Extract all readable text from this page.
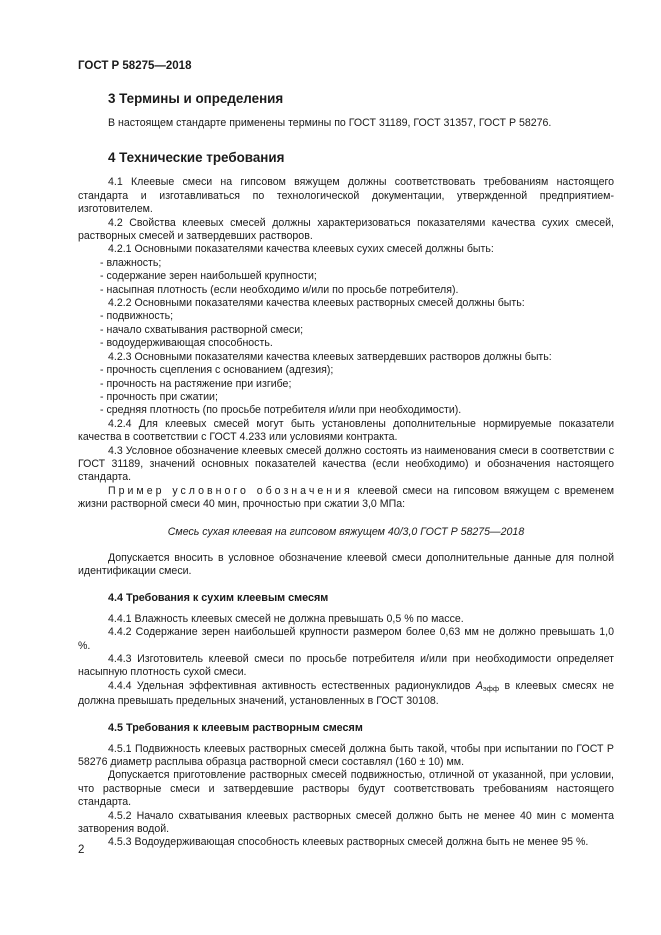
ГОСТ Р 58275—2018
3 Термины и определения

В настоящем стандарте применены термины по ГОСТ 31189, ГОСТ 31357, ГОСТ Р 58276.

4 Технические требования

4.1 Клеевые смеси на гипсовом вяжущем должны соответствовать требованиям настоящего стандарта и изготавливаться по технологической документации, утвержденной предприятием-изготовителем.

4.2 Свойства клеевых смесей должны характеризоваться показателями качества сухих смесей, растворных смесей и затвердевших растворов.

4.2.1 Основными показателями качества клеевых сухих смесей должны быть:

- влажность;

- содержание зерен наибольшей крупности;

- насыпная плотность (если необходимо и/или по просьбе потребителя).

4.2.2 Основными показателями качества клеевых растворных смесей должны быть:

- подвижность;

- начало схватывания растворной смеси;

- водоудерживающая способность.

4.2.3 Основными показателями качества клеевых затвердевших растворов должны быть:

- прочность сцепления с основанием (адгезия);

- прочность на растяжение при изгибе;

- прочность при сжатии;

- средняя плотность (по просьбе потребителя и/или при необходимости).

4.2.4 Для клеевых смесей могут быть установлены дополнительные нормируемые показатели качества в соответствии с ГОСТ 4.233 или условиями контракта.

4.3 Условное обозначение клеевых смесей должно состоять из наименования смеси в соответствии с ГОСТ 31189, значений основных показателей качества (если необходимо) и обозначения настоящего стандарта.

Пример условного обозначения клеевой смеси на гипсовом вяжущем с временем жизни растворной смеси 40 мин, прочностью при сжатии 3,0 МПа:

Смесь сухая клеевая на гипсовом вяжущем 40/3,0 ГОСТ Р 58275—2018

Допускается вносить в условное обозначение клеевой смеси дополнительные данные для полной идентификации смеси.

4.4 Требования к сухим клеевым смесям

4.4.1 Влажность клеевых смесей не должна превышать 0,5 % по массе.

4.4.2 Содержание зерен наибольшей крупности размером более 0,63 мм не должно превышать 1,0 %.

4.4.3 Изготовитель клеевой смеси по просьбе потребителя и/или при необходимости определяет насыпную плотность сухой смеси.

4.4.4 Удельная эффективная активность естественных радионуклидов $A_{эфф}$ в клеевых смесях не должна превышать предельных значений, установленных в ГОСТ 30108.

4.5 Требования к клеевым растворным смесям

4.5.1 Подвижность клеевых растворных смесей должна быть такой, чтобы при испытании по ГОСТ Р 58276 диаметр расплыва образца растворной смеси составлял (160 ± 10) мм.

Допускается приготовление растворных смесей подвижностью, отличной от указанной, при условии, что растворные смеси и затвердевшие растворы будут соответствовать требованиям настоящего стандарта.

4.5.2 Начало схватывания клеевых растворных смесей должно быть не менее 40 мин с момента затворения водой.

4.5.3 Водоудерживающая способность клеевых растворных смесей должна быть не менее 95 %.

2
